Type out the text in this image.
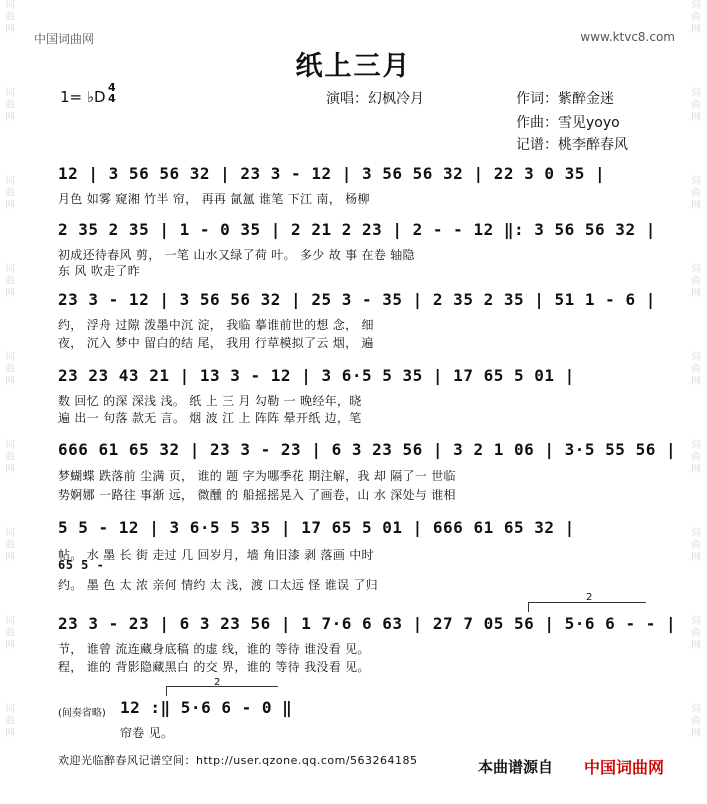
词
曲
网
词
曲
网
词
曲
网
词
曲
网
词
曲
网
词
曲
网
词
曲
网
词
曲
网
词
曲
网
词
曲
网
词
曲
网
词
曲
网
词
曲
网
词
曲
网
词
曲
网
词
曲
网
词
曲
网
词
曲
网
中国词曲网	www.ktvc8.com
纸上三月
1= ♭D
4
4	演唱：幻枫冷月	作词：紫醉金迷
作曲：雪见yoyo
记谱：桃李醉春风
12 | 3 56 56 32 | 23 3 - 12 | 3 56 56 32 | 22 3 0 35 |
月色 如雾 窥湘 竹半 帘， 再再 氤氲 谁笔 下江 南， 杨柳
2 35 2 35 | 1 - 0 35 | 2 21 2 23 | 2 - - 12 ‖: 3 56 56 32 |
初成还待春风 剪， 一笔 山水又绿了荷 叶。 多少 故 事 在卷 轴隐
东 风 吹走了昨
23 3 - 12 | 3 56 56 32 | 25 3 - 35 | 2 35 2 35 | 51 1 - 6 |
约， 浮舟 过隙 泼墨中沉 淀， 我临 摹谁前世的想 念， 细
夜， 沉入 梦中 留白的结 尾， 我用 行草模拟了云 烟， 遍
23 23 43 21 | 13 3 - 12 | 3 6·5 5 35 | 17 65 5 01 |
数 回忆 的深 深浅 浅。 纸 上 三 月 勾勒 一 晚经年，晓
遍 出一 句落 款无 言。 烟 波 江 上 阵阵 晕开纸 边，笔
666 61 65 32 | 23 3 - 23 | 6 3 23 56 | 3 2 1 06 | 3·5 55 56 |
梦蝴蝶 跌落前 尘满 页， 谁的 题 字为哪季花 期注解，我 却 隔了一 世临
势婀娜 一路往 事渐 远， 微醺 的 船摇摇晃入 了画卷，山 水 深处与 谁相
5 5 - 12 | 3 6·5 5 35 | 17 65 5 01 | 666 61 65 32 |
帖。 水 墨 长 街 走过 几 回岁月，墙 角旧漆 剥 落画 中时
65 5 -
约。 墨 色 太 浓 亲何 情约 太 浅，渡 口太远 怪 谁误 了归
2
23 3 - 23 | 6 3 23 56 | 1 7·6 6 63 | 27 7 05 56 | 5·6 6 - - |
节， 谁曾 流连藏身底稿 的虚 线，谁的 等待 谁没看 见。
程， 谁的 背影隐藏黑白 的交 界，谁的 等待 我没看 见。
2
(间奏省略) 12 :‖ 5·6 6 - 0 ‖
帘卷 见。
欢迎光临醉春风记谱空间：http://user.qzone.qq.com/563264185	本曲谱源自 中国词曲网
